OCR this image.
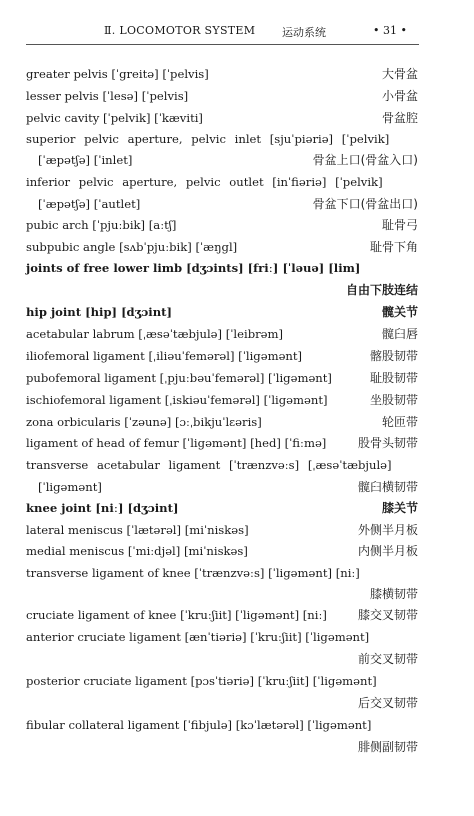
Ⅱ. LOCOMOTOR SYSTEM 运动系统	• 31 •
greater pelvis [ˈgreitə] [ˈpelvis]	大骨盆
lesser pelvis [ˈlesə] [ˈpelvis]	小骨盆
pelvic cavity [ˈpelvik] [ˈkæviti]	骨盆腔
superior pelvic aperture, pelvic inlet [sjuˈpiəriə] [ˈpelvik]
[ˈæpətʃə] [ˈinlet]	骨盆上口(骨盆入口)
inferior pelvic aperture, pelvic outlet [inˈfiəriə] [ˈpelvik]
[ˈæpətʃə] [ˈautlet]	骨盆下口(骨盆出口)
pubic arch [ˈpjuːbik] [aːtʃ]	耻骨弓
subpubic angle [sʌbˈpjuːbik] [ˈæŋgl]	耻骨下角
joints of free lower limb [dʒɔints] [friː] [ˈləuə] [lim]
自由下肢连结
hip joint [hip] [dʒɔint]	髋关节
acetabular labrum [ˌæsəˈtæbjulə] [ˈleibrəm]	髋臼唇
iliofemoral ligament [ˌiliəuˈfemərəl] [ˈligəmənt]	髂股韧带
pubofemoral ligament [ˌpjuːbəuˈfemərəl] [ˈligəmənt]	耻股韧带
ischiofemoral ligament [ˌiskiəuˈfemərəl] [ˈligəmənt]	坐股韧带
zona orbicularis [ˈzəunə] [ɔːˌbikjuˈlɛəris]	轮匝带
ligament of head of femur [ˈligəmənt] [hed] [ˈfiːmə]	股骨头韧带
transverse acetabular ligament [ˈtrænzvəːs] [ˌæsəˈtæbjulə]
[ˈligəmənt]	髋臼横韧带
knee joint [niː] [dʒɔint]	膝关节
lateral meniscus [ˈlætərəl] [miˈniskəs]	外侧半月板
medial meniscus [ˈmiːdjəl] [miˈniskəs]	内侧半月板
transverse ligament of knee [ˈtrænzvəːs] [ˈligəmənt] [niː]
膝横韧带
cruciate ligament of knee [ˈkruːʃiit] [ˈligəmənt] [niː]	膝交叉韧带
anterior cruciate ligament [ænˈtiəriə] [ˈkruːʃiit] [ˈligəmənt]
前交叉韧带
posterior cruciate ligament [pɔsˈtiəriə] [ˈkruːʃiit] [ˈligəmənt]
后交叉韧带
fibular collateral ligament [ˈfibjulə] [kɔˈlætərəl] [ˈligəmənt]
腓侧副韧带
